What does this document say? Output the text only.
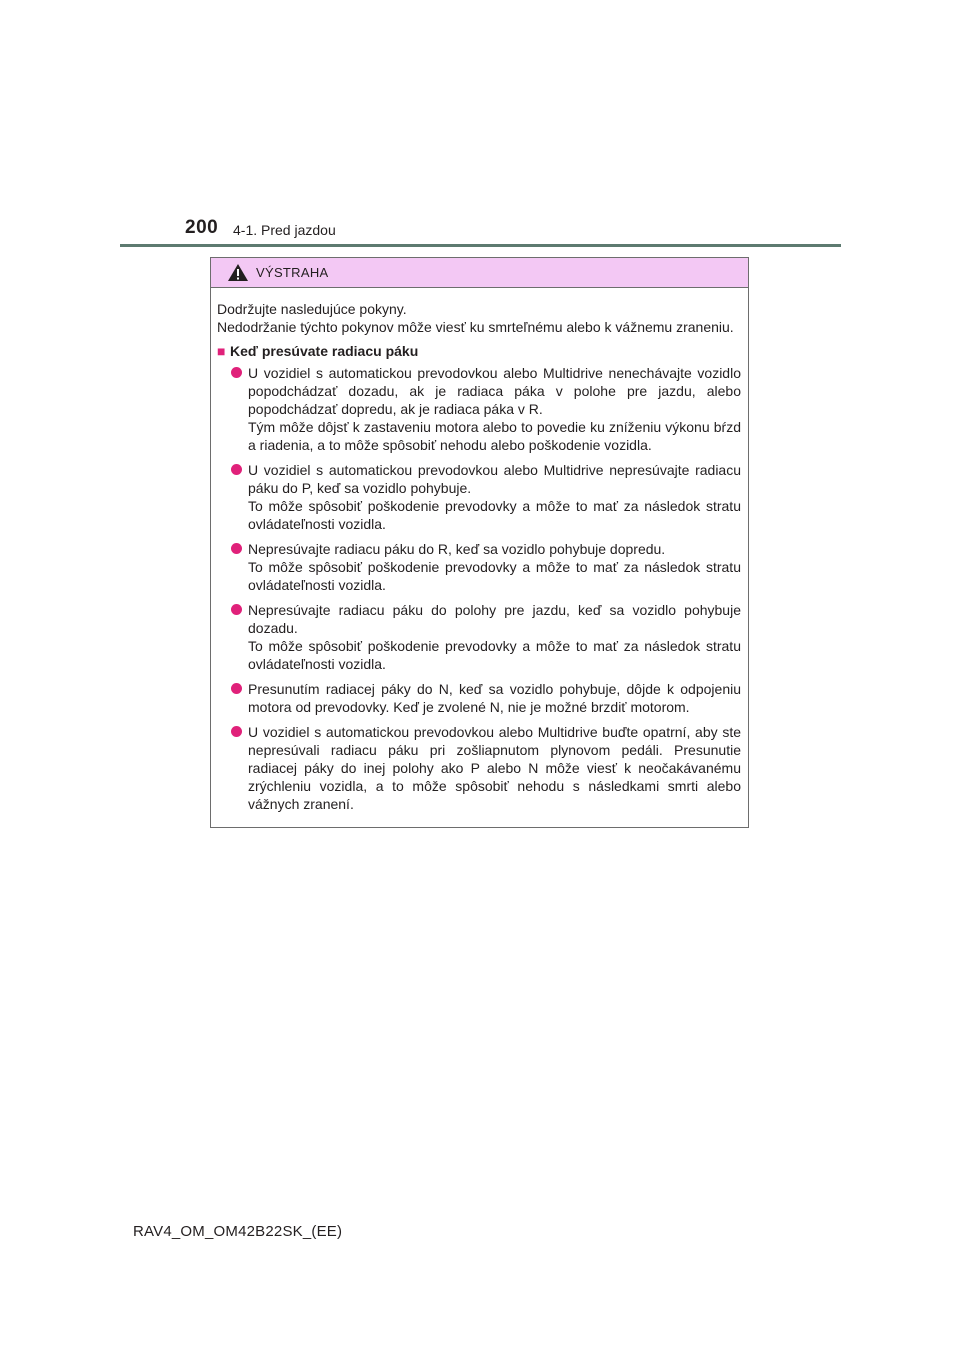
200 4-1. Pred jazdou
VÝSTRAHA

Dodržujte nasledujúce pokyny.

Nedodržanie týchto pokynov môže viesť ku smrteľnému alebo k vážnemu zraneniu.

■ Keď presúvate radiacu páku

U vozidiel s automatickou prevodovkou alebo Multidrive nenechávajte vozidlo popodchádzať dozadu, ak je radiaca páka v polohe pre jazdu, alebo popodchádzať dopredu, ak je radiaca páka v R.

Tým môže dôjsť k zastaveniu motora alebo to povedie ku zníženiu výkonu bŕzd a riadenia, a to môže spôsobiť nehodu alebo poškodenie vozidla.

U vozidiel s automatickou prevodovkou alebo Multidrive nepresúvajte radiacu páku do P, keď sa vozidlo pohybuje.

To môže spôsobiť poškodenie prevodovky a môže to mať za následok stratu ovládateľnosti vozidla.

Nepresúvajte radiacu páku do R, keď sa vozidlo pohybuje dopredu.

To môže spôsobiť poškodenie prevodovky a môže to mať za následok stratu ovládateľnosti vozidla.

Nepresúvajte radiacu páku do polohy pre jazdu, keď sa vozidlo pohybuje dozadu.

To môže spôsobiť poškodenie prevodovky a môže to mať za následok stratu ovládateľnosti vozidla.

Presunutím radiacej páky do N, keď sa vozidlo pohybuje, dôjde k odpojeniu motora od prevodovky. Keď je zvolené N, nie je možné brzdiť motorom.

U vozidiel s automatickou prevodovkou alebo Multidrive buďte opatrní, aby ste nepresúvali radiacu páku pri zošliapnutom plynovom pedáli. Presunutie radiacej páky do inej polohy ako P alebo N môže viesť k neočakávanému zrýchleniu vozidla, a to môže spôsobiť nehodu s následkami smrti alebo vážnych zranení.

RAV4_OM_OM42B22SK_(EE)
